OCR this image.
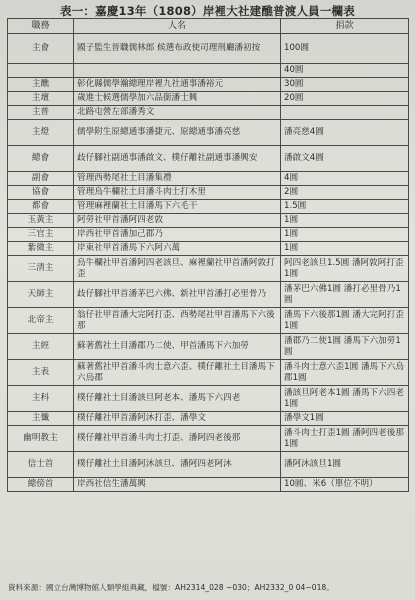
表一：嘉慶13年（1808）岸裡大社建醮普渡人員一欄表
職務	人名	捐款
主會	國子監生晉職儒林郎 候選布政使司理刑廳潘初按	100圓
		40圓
主醮	彰化縣儒學瀚總理岸裡九社通事潘裕元	30圓
主壇	歲進士候選儒學加六品銜潘士興	20圓
主普	北路屯營左部潘秀文	
主燈	儒學附生原總通事潘捷元、原總通事潘亮慈	潘亮慈4圓
總會	歧仔腳社副通事潘啟文、樸仔離社副通事潘興安	潘啟文4圓
副會	管理西勢尾社土目潘集禮	4圓
協會	管理烏牛欄社土目潘斗肉士打木里	2圓
都會	管理麻裡蘭社土目潘馬下六毛干	1.5圓
玉黃主	阿勞社甲首潘阿四老敦	1圓
三官主	岸西社甲首潘加己郡乃	1圓
紫微主	岸東社甲首潘馬下六阿六萬	1圓
三清主	烏牛欄社甲首潘阿四老該旦、麻裡蘭社甲首潘阿敦打歪	阿四老該旦1.5圓 潘阿敦阿打歪1圓
天師主	歧仔腳社甲首潘茅巴六佛、新社甲首潘打必里骨乃	潘茅巴六佛1圓 潘打必里骨乃1圓
北帝主	翁仔社甲首潘大完阿打歪、西勢尾社甲首潘馬下六後那	潘馬下六後那1圓 潘大完阿打歪1圓
主經	蘇著舊社土目潘郡乃二使、甲首潘馬下六加勞	潘郡乃二使1圓 潘馬下六加勞1圓
主表	蘇著舊社甲首潘斗肉士意六歪、樸仔離社土目潘馬下六烏郡	潘斗肉士意六歪1圓 潘馬下六烏郡1圓
主科	樸仔離社土目潘該旦阿老本、潘馬下六四老	潘該旦阿老本1圓 潘馬下六四老1圓
主懺	樸仔離社甲首潘阿沐打歪、潘學文	潘學文1圓
幽明教主	樸仔離社甲首潘斗肉士打歪、潘阿四老後那	潘斗肉士打歪1圓 潘阿四老後那1圓
信士首	樸仔離社土目潘阿沐該旦、潘阿四老阿沐	潘阿沐該旦1圓
總傍首	岸西社信生潘萬興	10圓、米6（單位不明）
資料來源：國立台灣博物館人類學組典藏，檔號：AH2314_028 ~030；AH2332_0 04~018。
